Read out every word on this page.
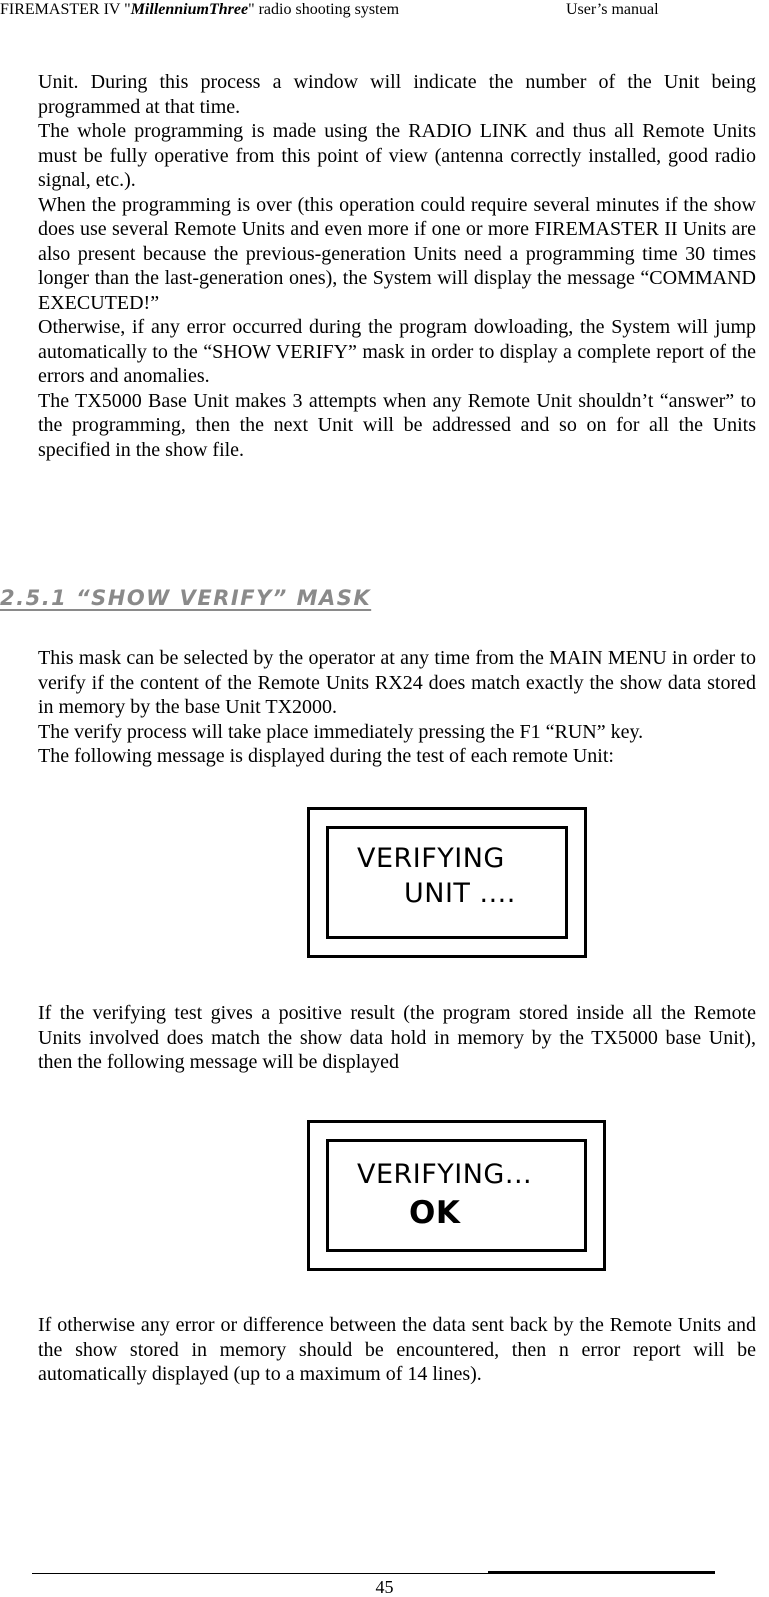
FIREMASTER IV "MillenniumThree" radio shooting system	User’s manual

Unit. During this process a window will indicate the number of the Unit being programmed at that time.

The whole programming is made using the RADIO LINK and thus all Remote Units must be fully operative from this point of view (antenna correctly installed, good radio signal, etc.).

When the programming is over (this operation could require several minutes if the show does use several Remote Units and even more if one or more FIREMASTER II Units are also present because the previous-generation Units need a programming time 30 times longer than the last-generation ones), the System will display the message “COMMAND EXECUTED!”

Otherwise, if any error occurred during the program dowloading, the System will jump automatically to the “SHOW VERIFY” mask in order to display a complete report of the errors and anomalies.

The TX5000 Base Unit makes 3 attempts when any Remote Unit shouldn’t “answer” to the programming, then the next Unit will be addressed and so on for all the Units specified in the show file.

2.5.1 “SHOW VERIFY” MASK

This mask can be selected by the operator at any time from the MAIN MENU in order to verify if the content of the Remote Units RX24 does match exactly the show data stored in memory by the base Unit TX2000.

The verify process will take place immediately pressing the F1 “RUN” key.

The following message is displayed during the test of each remote Unit:

VERIFYING
UNIT ....

If the verifying test gives a positive result (the program stored inside all the Remote Units involved does match the show data hold in memory by the TX5000 base Unit), then the following message will be displayed

VERIFYING...
OK

If otherwise any error or difference between the data sent back by the Remote Units and the show stored in memory should be encountered, then n error report will be automatically displayed (up to a maximum of 14 lines).

45
